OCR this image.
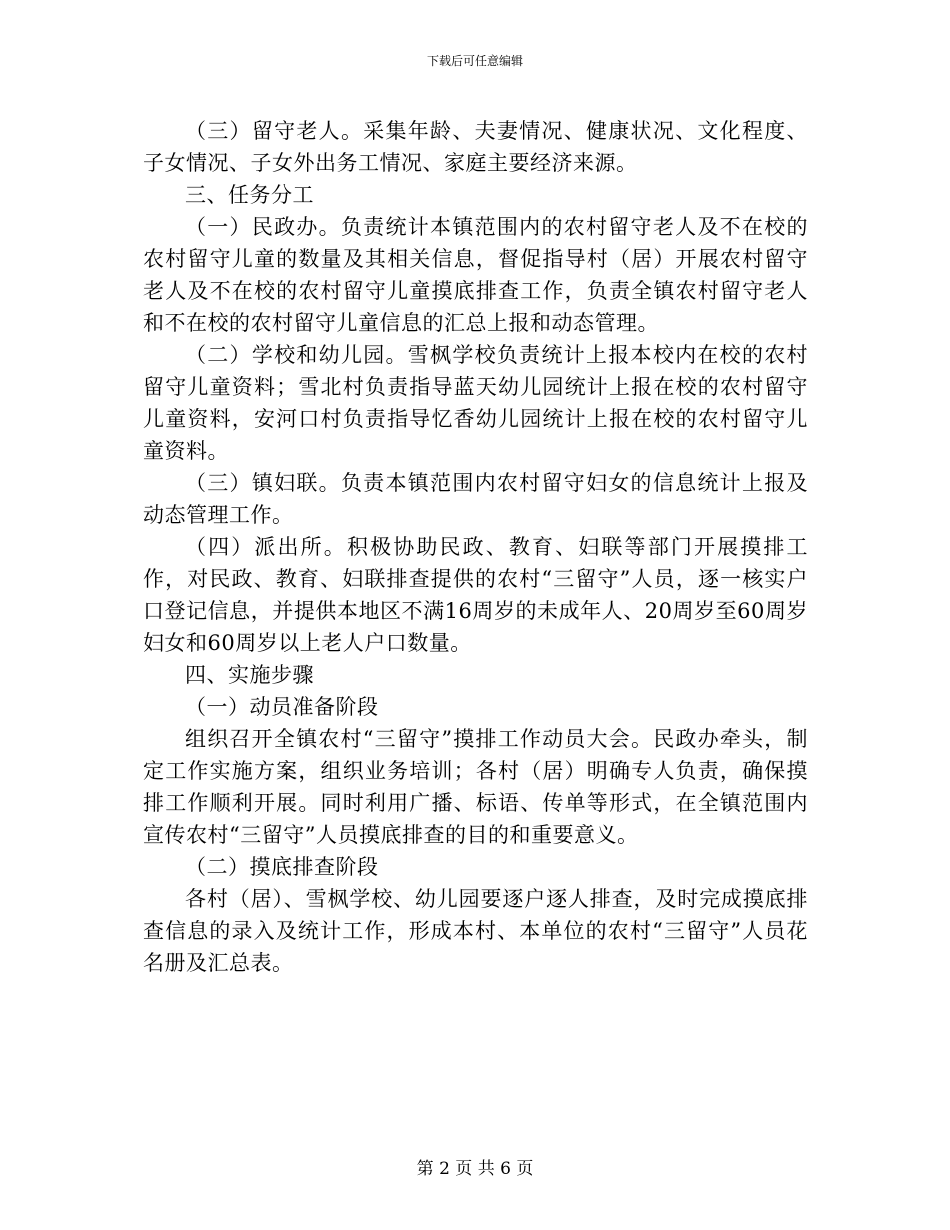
下载后可任意编辑

（三）留守老人。采集年龄、夫妻情况、健康状况、文化程度、子女情况、子女外出务工情况、家庭主要经济来源。

三、任务分工

（一）民政办。负责统计本镇范围内的农村留守老人及不在校的农村留守儿童的数量及其相关信息，督促指导村（居）开展农村留守老人及不在校的农村留守儿童摸底排查工作，负责全镇农村留守老人和不在校的农村留守儿童信息的汇总上报和动态管理。

（二）学校和幼儿园。雪枫学校负责统计上报本校内在校的农村留守儿童资料；雪北村负责指导蓝天幼儿园统计上报在校的农村留守儿童资料，安河口村负责指导忆香幼儿园统计上报在校的农村留守儿童资料。

（三）镇妇联。负责本镇范围内农村留守妇女的信息统计上报及动态管理工作。

（四）派出所。积极协助民政、教育、妇联等部门开展摸排工作，对民政、教育、妇联排查提供的农村“三留守”人员，逐一核实户口登记信息，并提供本地区不满16周岁的未成年人、20周岁至60周岁妇女和60周岁以上老人户口数量。

四、实施步骤

（一）动员准备阶段

组织召开全镇农村“三留守”摸排工作动员大会。民政办牵头，制定工作实施方案，组织业务培训；各村（居）明确专人负责，确保摸排工作顺利开展。同时利用广播、标语、传单等形式，在全镇范围内宣传农村“三留守”人员摸底排查的目的和重要意义。

（二）摸底排查阶段

各村（居）、雪枫学校、幼儿园要逐户逐人排查，及时完成摸底排查信息的录入及统计工作，形成本村、本单位的农村“三留守”人员花名册及汇总表。

第 2 页 共 6 页
